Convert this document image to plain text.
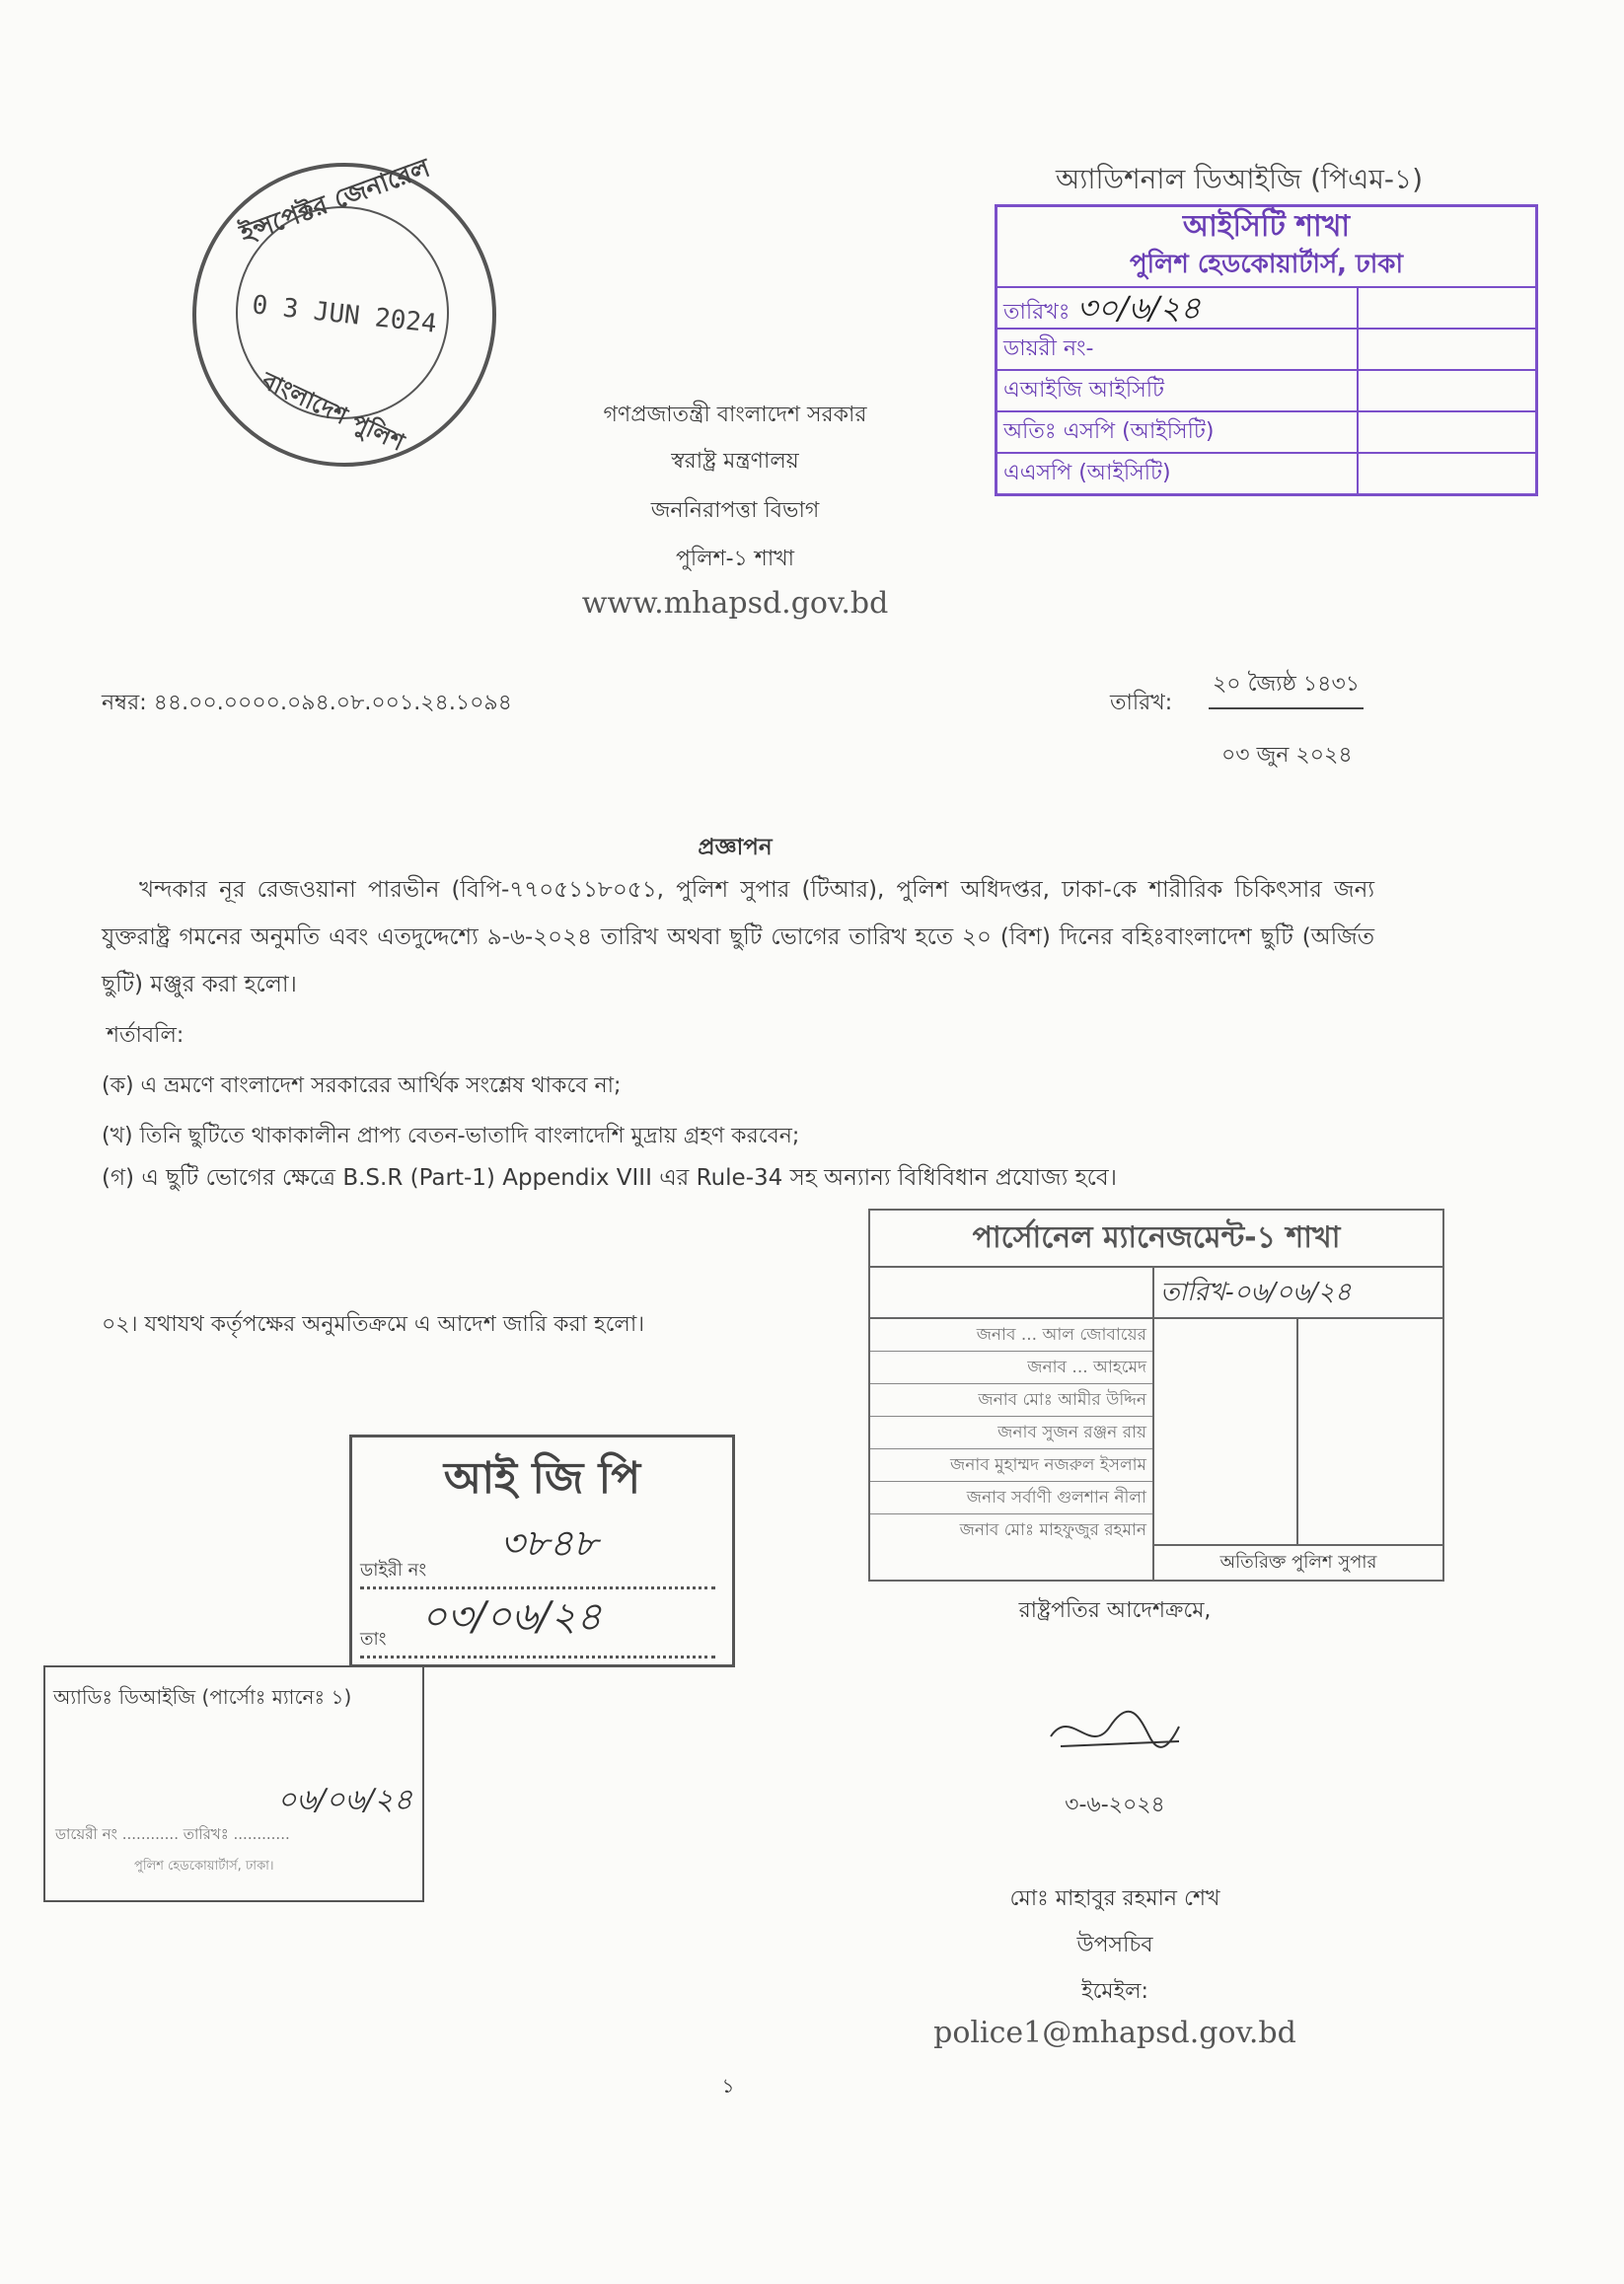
ইন্সপেক্টর জেনারেল
0 3 JUN 2024
বাংলাদেশ পুলিশ	গণপ্রজাতন্ত্রী বাংলাদেশ সরকার
স্বরাষ্ট্র মন্ত্রণালয়
জননিরাপত্তা বিভাগ
পুলিশ-১ শাখা
www.mhapsd.gov.bd
অ্যাডিশনাল ডিআইজি (পিএম-১)
আইসিটি শাখা
পুলিশ হেডকোয়ার্টার্স, ঢাকা
তারিখঃ ৩০/৬/২৪
ডায়রী নং-
এআইজি আইসিটি
অতিঃ এসপি (আইসিটি)
এএসপি (আইসিটি)
নম্বর: ৪৪.০০.০০০০.০৯৪.০৮.০০১.২৪.১০৯৪	তারিখ:
২০ জ্যৈষ্ঠ ১৪৩১
০৩ জুন ২০২৪
প্রজ্ঞাপন
খন্দকার নূর রেজওয়ানা পারভীন (বিপি-৭৭০৫১১৮০৫১, পুলিশ সুপার (টিআর), পুলিশ অধিদপ্তর, ঢাকা-কে শারীরিক চিকিৎসার জন্য যুক্তরাষ্ট্র গমনের অনুমতি এবং এতদুদ্দেশ্যে ৯-৬-২০২৪ তারিখ অথবা ছুটি ভোগের তারিখ হতে ২০ (বিশ) দিনের বহিঃবাংলাদেশ ছুটি (অর্জিত ছুটি) মঞ্জুর করা হলো।
শর্তাবলি:
(ক) এ ভ্রমণে বাংলাদেশ সরকারের আর্থিক সংশ্লেষ থাকবে না;
(খ) তিনি ছুটিতে থাকাকালীন প্রাপ্য বেতন-ভাতাদি বাংলাদেশি মুদ্রায় গ্রহণ করবেন;
(গ) এ ছুটি ভোগের ক্ষেত্রে B.S.R (Part-1) Appendix VIII এর Rule-34 সহ অন্যান্য বিধিবিধান প্রযোজ্য হবে।
০২। যথাযথ কর্তৃপক্ষের অনুমতিক্রমে এ আদেশ জারি করা হলো।
পার্সোনেল ম্যানেজমেন্ট-১ শাখা
জনাব ... আল জোবায়ের
জনাব ... আহমেদ
জনাব মোঃ আমীর উদ্দিন
জনাব সুজন রঞ্জন রায়
জনাব মুহাম্মদ নজরুল ইসলাম
জনাব সর্বাণী গুলশান নীলা
জনাব মোঃ মাহফুজুর রহমান
তারিখ-০৬/০৬/২৪
অতিরিক্ত পুলিশ সুপার
আই জি পি
৩৮৪৮
ডাইরী নং
০৩/০৬/২৪
তাং
অ্যাডিঃ ডিআইজি (পার্সোঃ ম্যানেঃ ১)
০৬/০৬/২৪
ডায়েরী নং ............ তারিখঃ ............
পুলিশ হেডকোয়ার্টার্স, ঢাকা।
রাষ্ট্রপতির আদেশক্রমে,
৩-৬-২০২৪
মোঃ মাহাবুর রহমান শেখ
উপসচিব
ইমেইল:
police1@mhapsd.gov.bd
১
